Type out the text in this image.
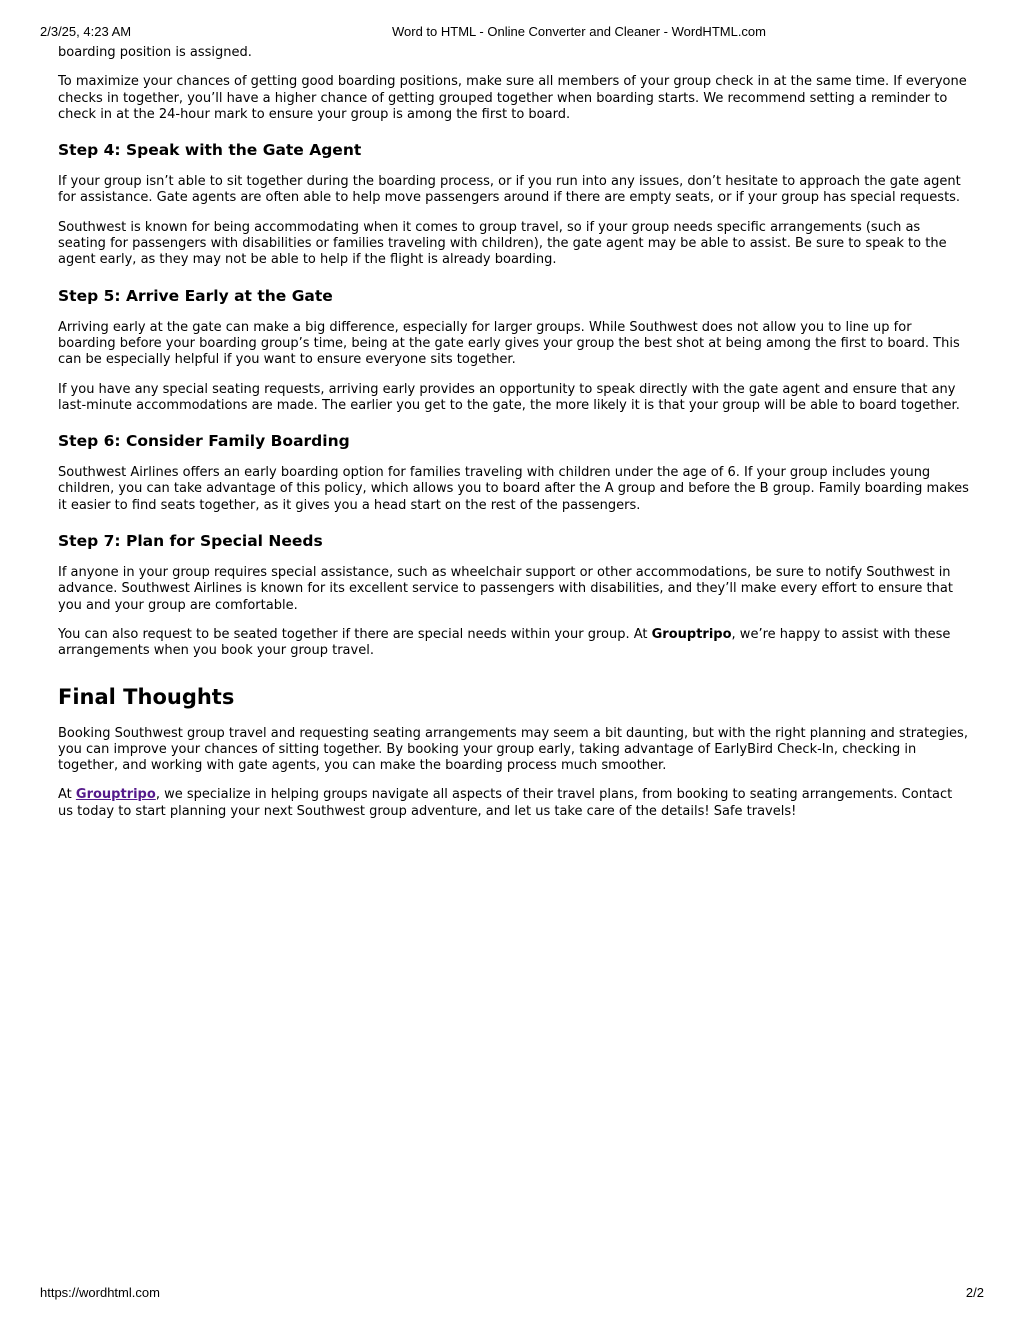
2/3/25, 4:23 AM	Word to HTML - Online Converter and Cleaner - WordHTML.com

boarding position is assigned.

To maximize your chances of getting good boarding positions, make sure all members of your group check in at the same time. If everyone checks in together, you’ll have a higher chance of getting grouped together when boarding starts. We recommend setting a reminder to check in at the 24-hour mark to ensure your group is among the first to board.

Step 4: Speak with the Gate Agent

If your group isn’t able to sit together during the boarding process, or if you run into any issues, don’t hesitate to approach the gate agent for assistance. Gate agents are often able to help move passengers around if there are empty seats, or if your group has special requests.

Southwest is known for being accommodating when it comes to group travel, so if your group needs specific arrangements (such as seating for passengers with disabilities or families traveling with children), the gate agent may be able to assist. Be sure to speak to the agent early, as they may not be able to help if the flight is already boarding.

Step 5: Arrive Early at the Gate

Arriving early at the gate can make a big difference, especially for larger groups. While Southwest does not allow you to line up for boarding before your boarding group’s time, being at the gate early gives your group the best shot at being among the first to board. This can be especially helpful if you want to ensure everyone sits together.

If you have any special seating requests, arriving early provides an opportunity to speak directly with the gate agent and ensure that any last-minute accommodations are made. The earlier you get to the gate, the more likely it is that your group will be able to board together.

Step 6: Consider Family Boarding

Southwest Airlines offers an early boarding option for families traveling with children under the age of 6. If your group includes young children, you can take advantage of this policy, which allows you to board after the A group and before the B group. Family boarding makes it easier to find seats together, as it gives you a head start on the rest of the passengers.

Step 7: Plan for Special Needs

If anyone in your group requires special assistance, such as wheelchair support or other accommodations, be sure to notify Southwest in advance. Southwest Airlines is known for its excellent service to passengers with disabilities, and they’ll make every effort to ensure that you and your group are comfortable.

You can also request to be seated together if there are special needs within your group. At Grouptripo, we’re happy to assist with these arrangements when you book your group travel.

Final Thoughts

Booking Southwest group travel and requesting seating arrangements may seem a bit daunting, but with the right planning and strategies, you can improve your chances of sitting together. By booking your group early, taking advantage of EarlyBird Check-In, checking in together, and working with gate agents, you can make the boarding process much smoother.

At Grouptripo, we specialize in helping groups navigate all aspects of their travel plans, from booking to seating arrangements. Contact us today to start planning your next Southwest group adventure, and let us take care of the details! Safe travels!

https://wordhtml.com	2/2
